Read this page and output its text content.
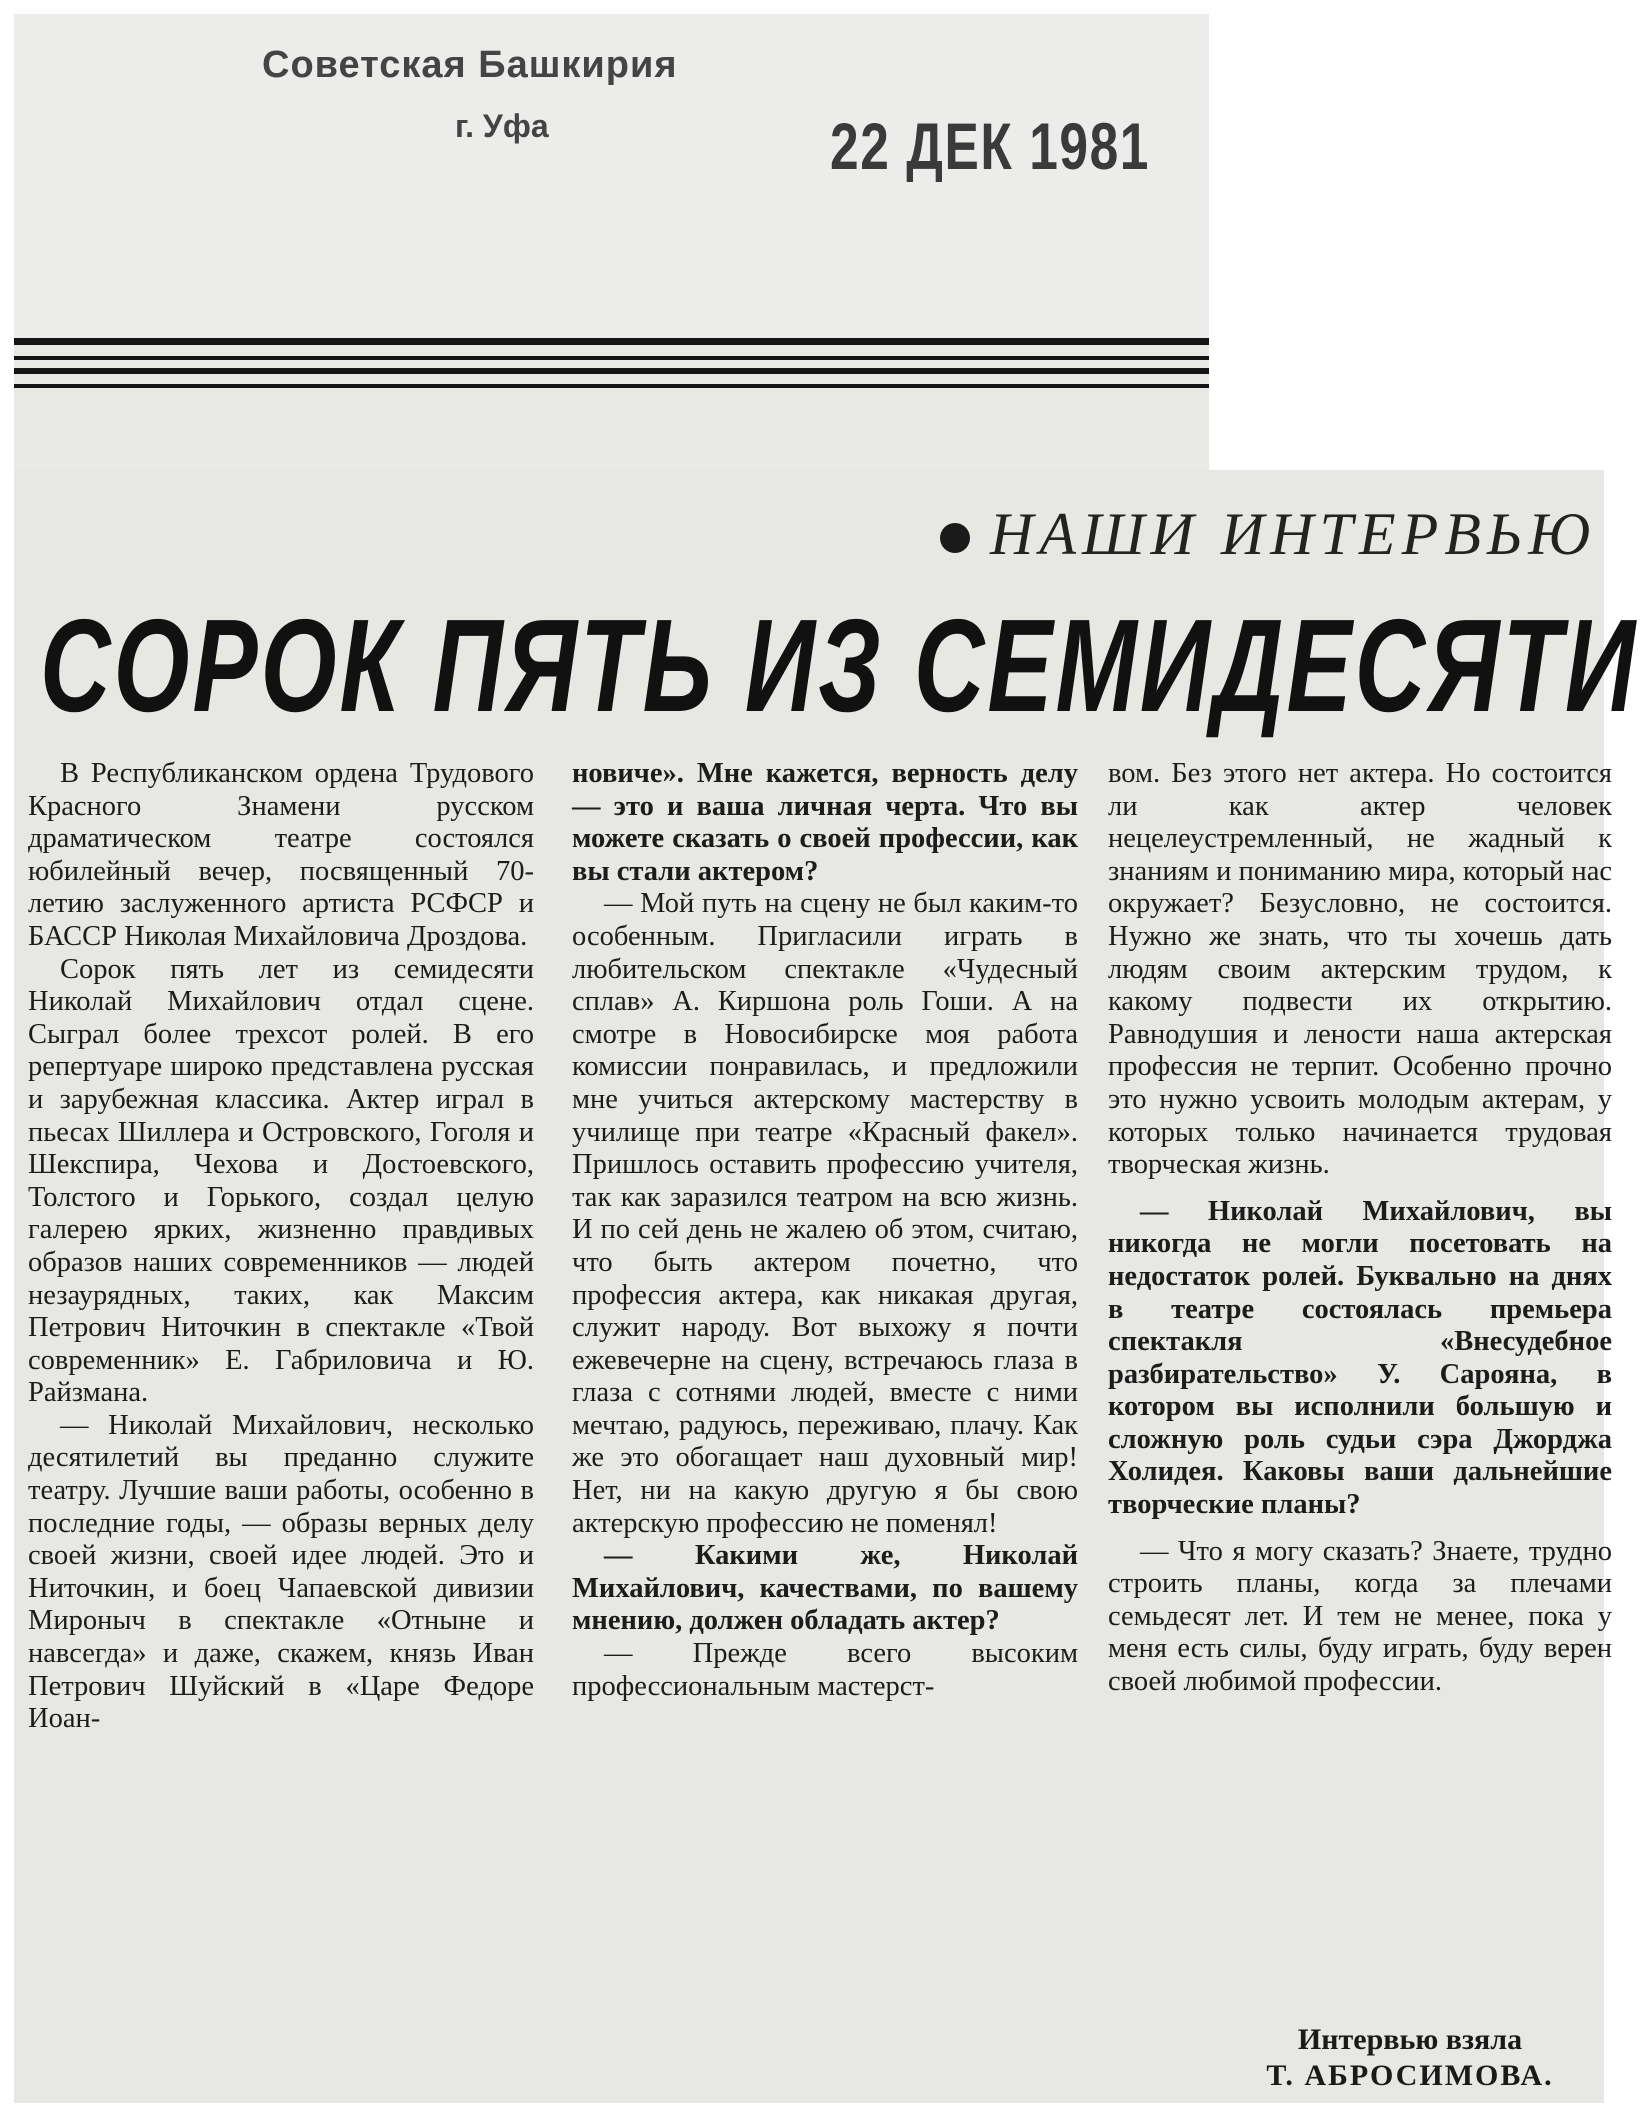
Советская Башкирия
г. Уфа	22 ДЕК 1981
НАШИ ИНТЕРВЬЮ
СОРОК ПЯТЬ ИЗ СЕМИДЕСЯТИ

В Республиканском ордена Трудового Красного Знамени русском драматическом театре состоялся юбилейный вечер, посвященный 70-летию заслуженного артиста РСФСР и БАССР Николая Михайловича Дроздова.

Сорок пять лет из семидесяти Николай Михайлович отдал сцене. Сыграл более трехсот ролей. В его репертуаре широко представлена русская и зарубежная классика. Актер играл в пьесах Шиллера и Островского, Гоголя и Шекспира, Чехова и Достоевского, Толстого и Горького, создал целую галерею ярких, жизненно правдивых образов наших современников — людей незаурядных, таких, как Максим Петрович Ниточкин в спектакле «Твой современник» Е. Габриловича и Ю. Райзмана.

— Николай Михайлович, несколько десятилетий вы преданно служите театру. Лучшие ваши работы, особенно в последние годы, — образы верных делу своей жизни, своей идее людей. Это и Ниточкин, и боец Чапаевской дивизии Мироныч в спектакле «Отныне и навсегда» и даже, скажем, князь Иван Петрович Шуйский в «Царе Федоре Иоан-

новиче». Мне кажется, верность делу — это и ваша личная черта. Что вы можете сказать о своей профессии, как вы стали актером?

— Мой путь на сцену не был каким-то особенным. Пригласили играть в любительском спектакле «Чудесный сплав» А. Киршона роль Гоши. А на смотре в Новосибирске моя работа комиссии понравилась, и предложили мне учиться актерскому мастерству в училище при театре «Красный факел». Пришлось оставить профессию учителя, так как заразился театром на всю жизнь. И по сей день не жалею об этом, считаю, что быть актером почетно, что профессия актера, как никакая другая, служит народу. Вот выхожу я почти ежевечерне на сцену, встречаюсь глаза в глаза с сотнями людей, вместе с ними мечтаю, радуюсь, переживаю, плачу. Как же это обогащает наш духовный мир! Нет, ни на какую другую я бы свою актерскую профессию не поменял!

— Какими же, Николай Михайлович, качествами, по вашему мнению, должен обладать актер?

— Прежде всего высоким профессиональным мастерст-

вом. Без этого нет актера. Но состоится ли как актер человек нецелеустремленный, не жадный к знаниям и пониманию мира, который нас окружает? Безусловно, не состоится. Нужно же знать, что ты хочешь дать людям своим актерским трудом, к какому подвести их открытию. Равнодушия и лености наша актерская профессия не терпит. Особенно прочно это нужно усвоить молодым актерам, у которых только начинается трудовая творческая жизнь.

— Николай Михайлович, вы никогда не могли посетовать на недостаток ролей. Буквально на днях в театре состоялась премьера спектакля «Внесудебное разбирательство» У. Сарояна, в котором вы исполнили большую и сложную роль судьи сэра Джорджа Холидея. Каковы ваши дальнейшие творческие планы?

— Что я могу сказать? Знаете, трудно строить планы, когда за плечами семьдесят лет. И тем не менее, пока у меня есть силы, буду играть, буду верен своей любимой профессии.

Интервью взяла
Т. АБРОСИМОВА.
